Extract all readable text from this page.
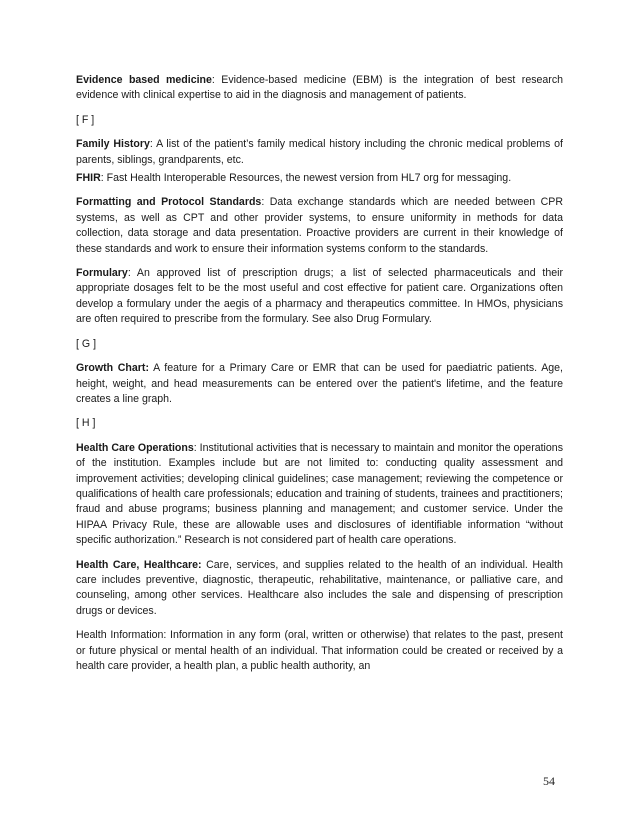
Evidence based medicine: Evidence-based medicine (EBM) is the integration of best research evidence with clinical expertise to aid in the diagnosis and management of patients.

[ F ]

Family History: A list of the patient’s family medical history including the chronic medical problems of parents, siblings, grandparents, etc.

FHIR: Fast Health Interoperable Resources, the newest version from HL7 org for messaging.

Formatting and Protocol Standards: Data exchange standards which are needed between CPR systems, as well as CPT and other provider systems, to ensure uniformity in methods for data collection, data storage and data presentation. Proactive providers are current in their knowledge of these standards and work to ensure their information systems conform to the standards.

Formulary: An approved list of prescription drugs; a list of selected pharmaceuticals and their appropriate dosages felt to be the most useful and cost effective for patient care. Organizations often develop a formulary under the aegis of a pharmacy and therapeutics committee. In HMOs, physicians are often required to prescribe from the formulary. See also Drug Formulary.

[ G ]

Growth Chart: A feature for a Primary Care or EMR that can be used for paediatric patients. Age, height, weight, and head measurements can be entered over the patient's lifetime, and the feature creates a line graph.

[ H ]

Health Care Operations: Institutional activities that is necessary to maintain and monitor the operations of the institution. Examples include but are not limited to: conducting quality assessment and improvement activities; developing clinical guidelines; case management; reviewing the competence or qualifications of health care professionals; education and training of students, trainees and practitioners; fraud and abuse programs; business planning and management; and customer service. Under the HIPAA Privacy Rule, these are allowable uses and disclosures of identifiable information “without specific authorization.” Research is not considered part of health care operations.

Health Care, Healthcare: Care, services, and supplies related to the health of an individual. Health care includes preventive, diagnostic, therapeutic, rehabilitative, maintenance, or palliative care, and counseling, among other services. Healthcare also includes the sale and dispensing of prescription drugs or devices.

Health Information: Information in any form (oral, written or otherwise) that relates to the past, present or future physical or mental health of an individual. That information could be created or received by a health care provider, a health plan, a public health authority, an

54
